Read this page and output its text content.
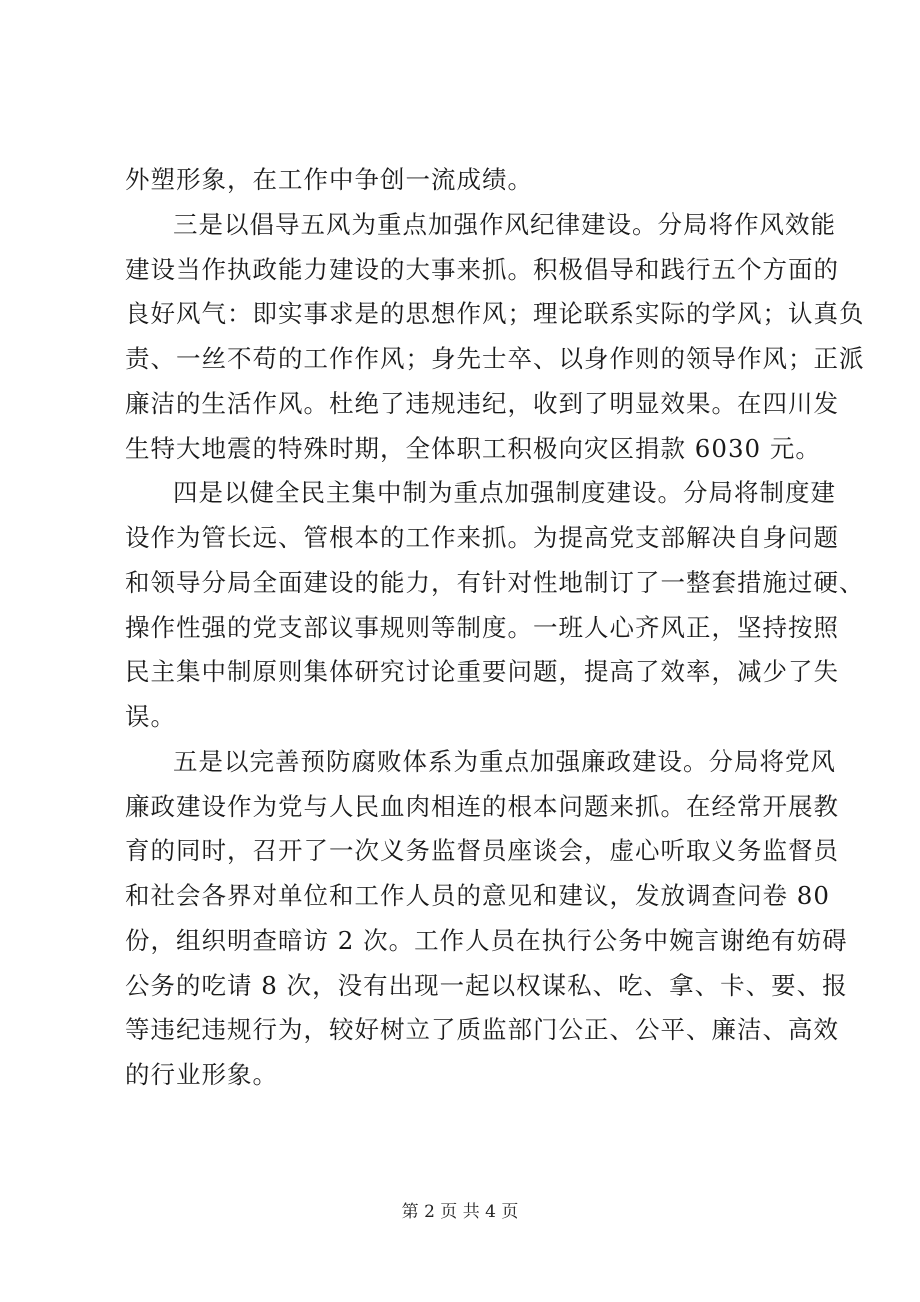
外塑形象，在工作中争创一流成绩。
三是以倡导五风为重点加强作风纪律建设。分局将作风效能
建设当作执政能力建设的大事来抓。积极倡导和践行五个方面的
良好风气：即实事求是的思想作风；理论联系实际的学风；认真负
责、一丝不苟的工作作风；身先士卒、以身作则的领导作风；正派
廉洁的生活作风。杜绝了违规违纪，收到了明显效果。在四川发
生特大地震的特殊时期，全体职工积极向灾区捐款 6030 元。
四是以健全民主集中制为重点加强制度建设。分局将制度建
设作为管长远、管根本的工作来抓。为提高党支部解决自身问题
和领导分局全面建设的能力，有针对性地制订了一整套措施过硬、
操作性强的党支部议事规则等制度。一班人心齐风正，坚持按照
民主集中制原则集体研究讨论重要问题，提高了效率，减少了失
误。
五是以完善预防腐败体系为重点加强廉政建设。分局将党风
廉政建设作为党与人民血肉相连的根本问题来抓。在经常开展教
育的同时，召开了一次义务监督员座谈会，虚心听取义务监督员
和社会各界对单位和工作人员的意见和建议，发放调查问卷 80
份，组织明查暗访 2 次。工作人员在执行公务中婉言谢绝有妨碍
公务的吃请 8 次，没有出现一起以权谋私、吃、拿、卡、要、报
等违纪违规行为，较好树立了质监部门公正、公平、廉洁、高效
的行业形象。
第 2 页 共 4 页
